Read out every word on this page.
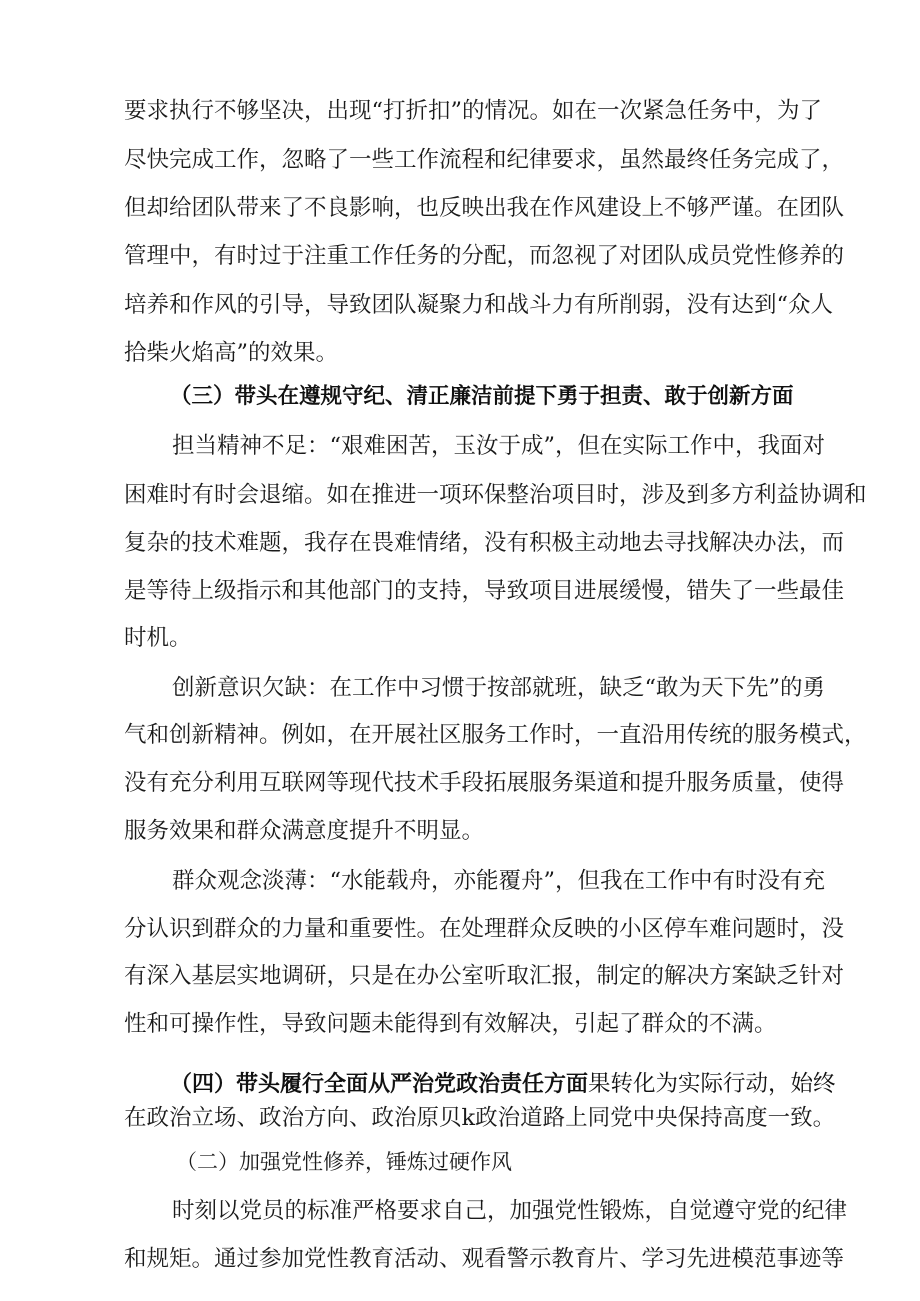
要求执行不够坚决，出现“打折扣”的情况。如在一次紧急任务中，为了
尽快完成工作，忽略了一些工作流程和纪律要求，虽然最终任务完成了，
但却给团队带来了不良影响，也反映出我在作风建设上不够严谨。在团队
管理中，有时过于注重工作任务的分配，而忽视了对团队成员党性修养的
培养和作风的引导，导致团队凝聚力和战斗力有所削弱，没有达到“众人
拾柴火焰高”的效果。
（三）带头在遵规守纪、清正廉洁前提下勇于担责、敢于创新方面
担当精神不足：“艰难困苦，玉汝于成”，但在实际工作中，我面对
困难时有时会退缩。如在推进一项环保整治项目时，涉及到多方利益协调和
复杂的技术难题，我存在畏难情绪，没有积极主动地去寻找解决办法，而
是等待上级指示和其他部门的支持，导致项目进展缓慢，错失了一些最佳
时机。
创新意识欠缺：在工作中习惯于按部就班，缺乏“敢为天下先”的勇
气和创新精神。例如，在开展社区服务工作时，一直沿用传统的服务模式，
没有充分利用互联网等现代技术手段拓展服务渠道和提升服务质量，使得
服务效果和群众满意度提升不明显。
群众观念淡薄：“水能载舟，亦能覆舟”，但我在工作中有时没有充
分认识到群众的力量和重要性。在处理群众反映的小区停车难问题时，没
有深入基层实地调研，只是在办公室听取汇报，制定的解决方案缺乏针对
性和可操作性，导致问题未能得到有效解决，引起了群众的不满。
（四）带头履行全面从严治党政治责任方面果转化为实际行动，始终
在政治立场、政治方向、政治原贝k政治道路上同党中央保持高度一致。
（二）加强党性修养，锤炼过硬作风
时刻以党员的标准严格要求自己，加强党性锻炼，自觉遵守党的纪律
和规矩。通过参加党性教育活动、观看警示教育片、学习先进模范事迹等
